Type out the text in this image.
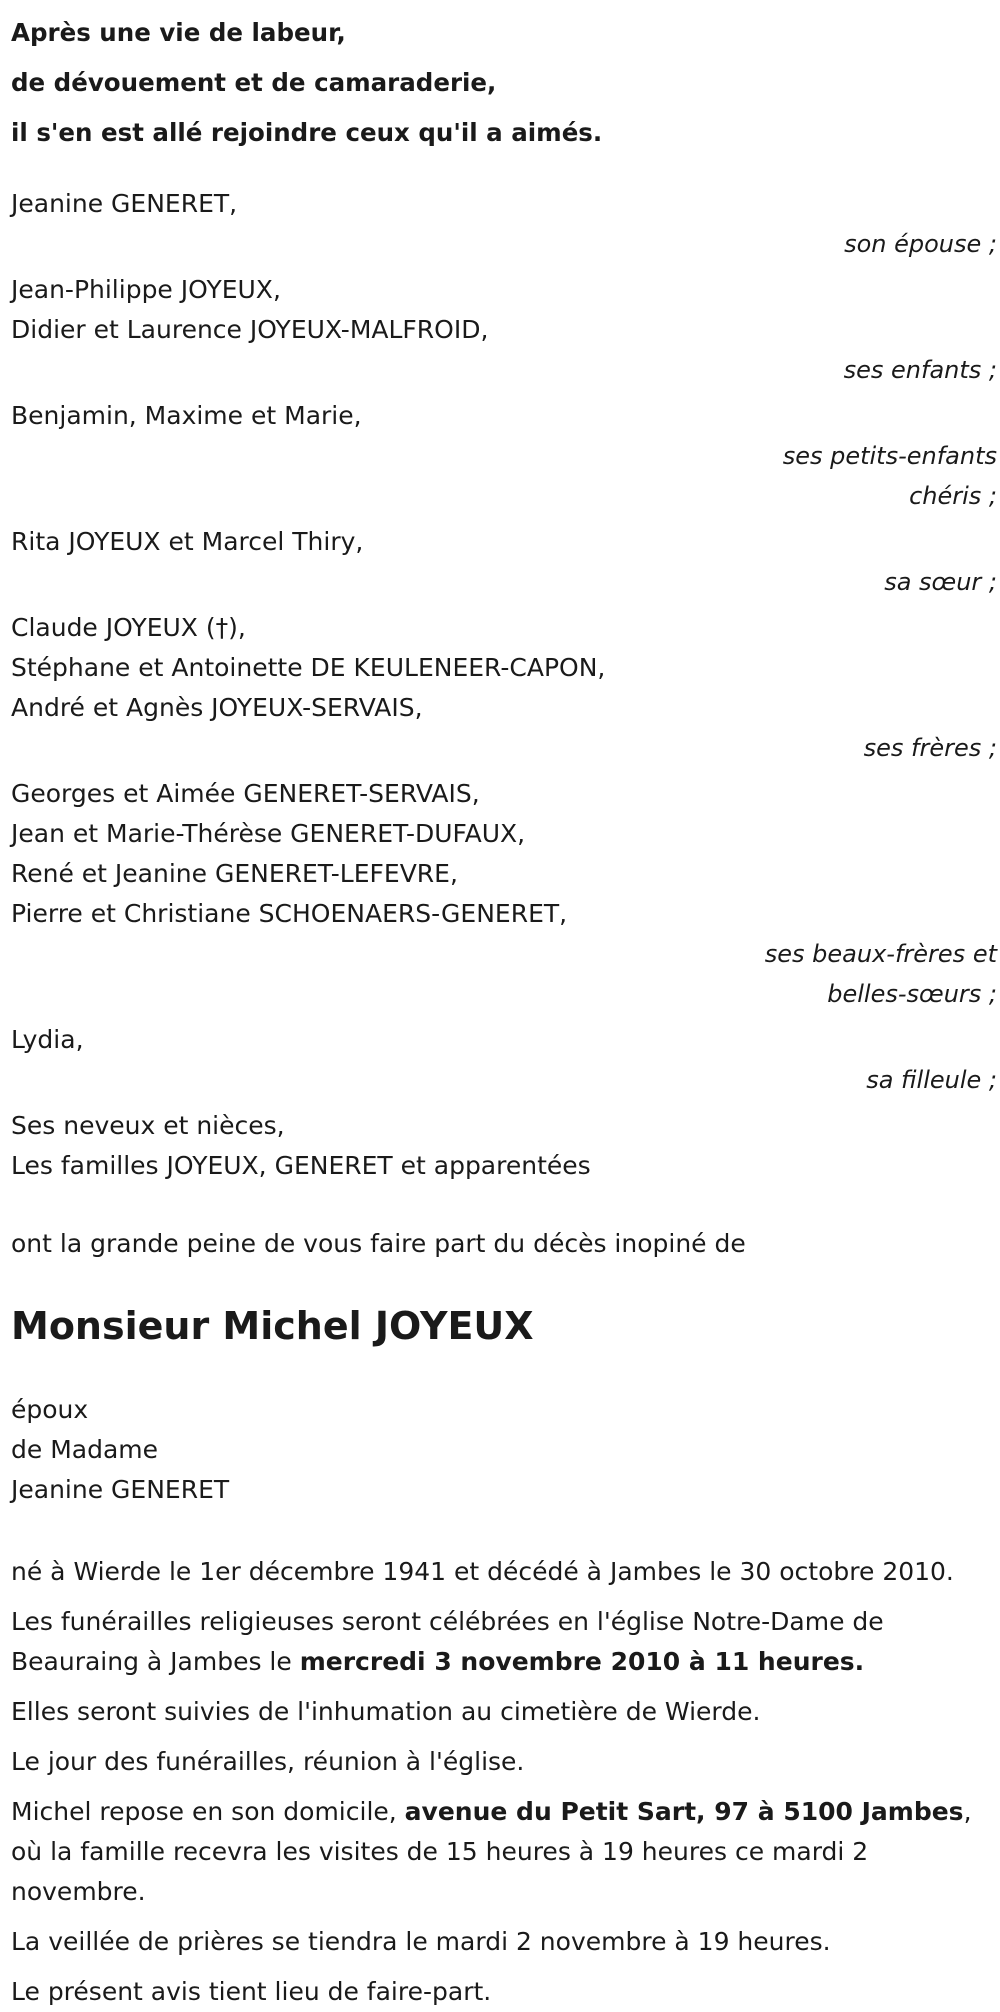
Après une vie de labeur,
de dévouement et de camaraderie,
il s'en est allé rejoindre ceux qu'il a aimés.
Jeanine GENERET,
son épouse ;
Jean-Philippe JOYEUX,
Didier et Laurence JOYEUX-MALFROID,
ses enfants ;
Benjamin, Maxime et Marie,
ses petits-enfants
chéris ;
Rita JOYEUX et Marcel Thiry,
sa sœur ;
Claude JOYEUX (†),
Stéphane et Antoinette DE KEULENEER-CAPON,
André et Agnès JOYEUX-SERVAIS,
ses frères ;
Georges et Aimée GENERET-SERVAIS,
Jean et Marie-Thérèse GENERET-DUFAUX,
René et Jeanine GENERET-LEFEVRE,
Pierre et Christiane SCHOENAERS-GENERET,
ses beaux-frères et
belles-sœurs ;
Lydia,
sa filleule ;
Ses neveux et nièces,
Les familles JOYEUX, GENERET et apparentées
ont la grande peine de vous faire part du décès inopiné de
Monsieur Michel JOYEUX
époux
de Madame
Jeanine GENERET

né à Wierde le 1er décembre 1941 et décédé à Jambes le 30 octobre 2010.

Les funérailles religieuses seront célébrées en l'église Notre-Dame de Beauraing à Jambes le mercredi 3 novembre 2010 à 11 heures.

Elles seront suivies de l'inhumation au cimetière de Wierde.

Le jour des funérailles, réunion à l'église.

Michel repose en son domicile, avenue du Petit Sart, 97 à 5100 Jambes, où la famille recevra les visites de 15 heures à 19 heures ce mardi 2 novembre.

La veillée de prières se tiendra le mardi 2 novembre à 19 heures.

Le présent avis tient lieu de faire-part.
